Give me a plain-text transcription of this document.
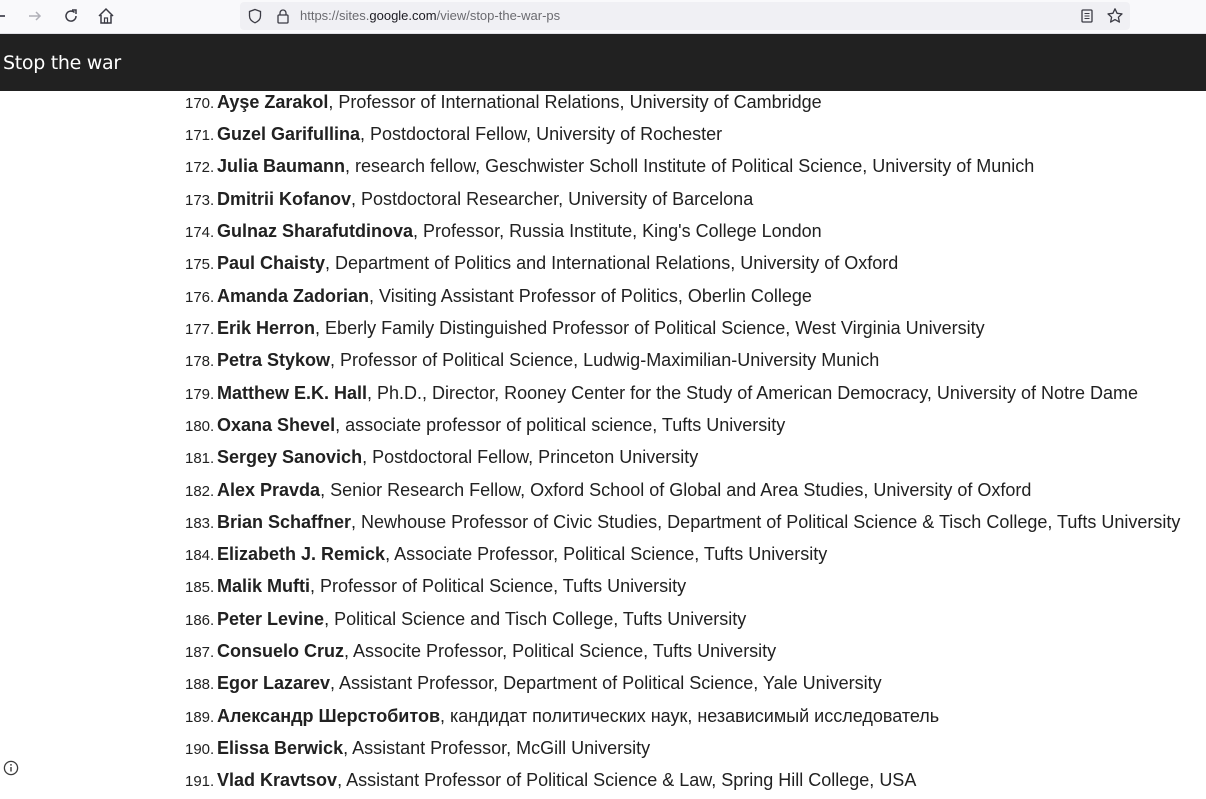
https://sites.google.com/view/stop-the-war-ps
Stop the war
170. Ayşe Zarakol, Professor of International Relations, University of Cambridge
171. Guzel Garifullina, Postdoctoral Fellow, University of Rochester
172. Julia Baumann, research fellow, Geschwister Scholl Institute of Political Science, University of Munich
173. Dmitrii Kofanov, Postdoctoral Researcher, University of Barcelona
174. Gulnaz Sharafutdinova, Professor, Russia Institute, King's College London
175. Paul Chaisty, Department of Politics and International Relations, University of Oxford
176. Amanda Zadorian, Visiting Assistant Professor of Politics, Oberlin College
177. Erik Herron, Eberly Family Distinguished Professor of Political Science, West Virginia University
178. Petra Stykow, Professor of Political Science, Ludwig-Maximilian-University Munich
179. Matthew E.K. Hall, Ph.D., Director, Rooney Center for the Study of American Democracy, University of Notre Dame
180. Oxana Shevel, associate professor of political science, Tufts University
181. Sergey Sanovich, Postdoctoral Fellow, Princeton University
182. Alex Pravda, Senior Research Fellow, Oxford School of Global and Area Studies, University of Oxford
183. Brian Schaffner, Newhouse Professor of Civic Studies, Department of Political Science & Tisch College, Tufts University
184. Elizabeth J. Remick, Associate Professor, Political Science, Tufts University
185. Malik Mufti, Professor of Political Science, Tufts University
186. Peter Levine, Political Science and Tisch College, Tufts University
187. Consuelo Cruz, Associte Professor, Political Science, Tufts University
188. Egor Lazarev, Assistant Professor, Department of Political Science, Yale University
189. Александр Шерстобитов, кандидат политических наук, независимый исследователь
190. Elissa Berwick, Assistant Professor, McGill University
191. Vlad Kravtsov, Assistant Professor of Political Science & Law, Spring Hill College, USA
